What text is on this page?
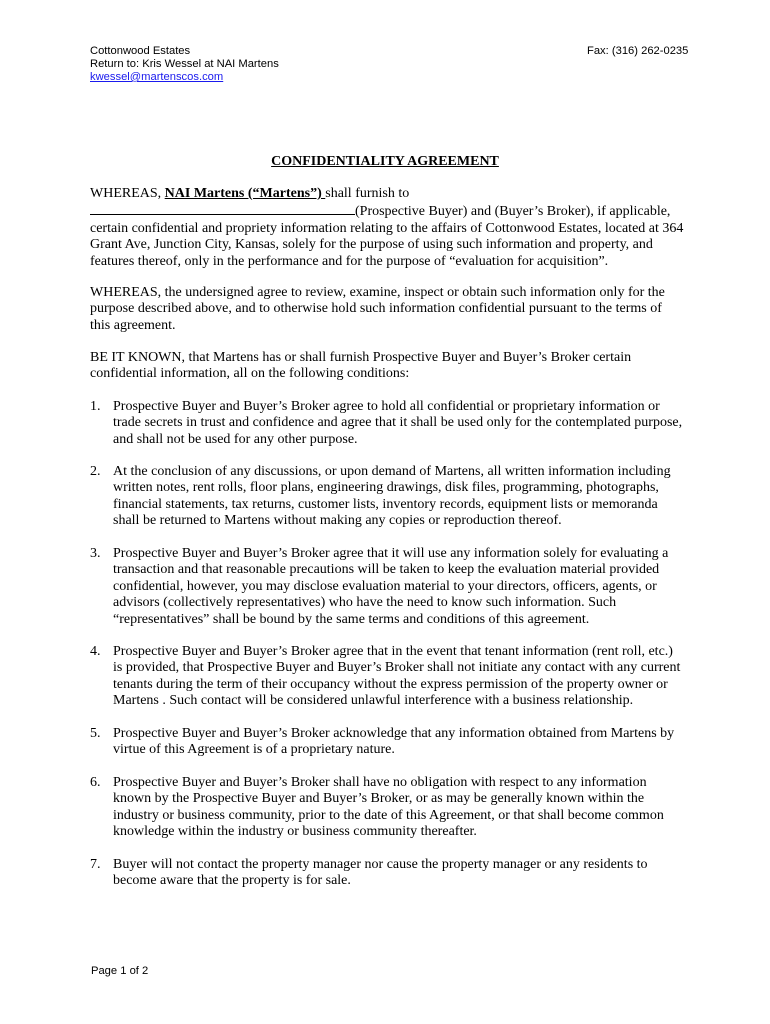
Cottonwood Estates
Return to: Kris Wessel at NAI Martens
kwessel@martenscos.com
Fax: (316) 262-0235
CONFIDENTIALITY AGREEMENT

WHEREAS, NAI Martens (“Martens”) shall furnish to
(Prospective Buyer) and (Buyer’s Broker), if applicable, certain confidential and propriety information relating to the affairs of Cottonwood Estates, located at 364 Grant Ave, Junction City, Kansas, solely for the purpose of using such information and property, and features thereof, only in the performance and for the purpose of “evaluation for acquisition”.

WHEREAS, the undersigned agree to review, examine, inspect or obtain such information only for the purpose described above, and to otherwise hold such information confidential pursuant to the terms of this agreement.

BE IT KNOWN, that Martens has or shall furnish Prospective Buyer and Buyer’s Broker certain confidential information, all on the following conditions:

1. Prospective Buyer and Buyer’s Broker agree to hold all confidential or proprietary information or trade secrets in trust and confidence and agree that it shall be used only for the contemplated purpose, and shall not be used for any other purpose.
2. At the conclusion of any discussions, or upon demand of Martens, all written information including written notes, rent rolls, floor plans, engineering drawings, disk files, programming, photographs, financial statements, tax returns, customer lists, inventory records, equipment lists or memoranda shall be returned to Martens without making any copies or reproduction thereof.
3. Prospective Buyer and Buyer’s Broker agree that it will use any information solely for evaluating a transaction and that reasonable precautions will be taken to keep the evaluation material provided confidential, however, you may disclose evaluation material to your directors, officers, agents, or advisors (collectively representatives) who have the need to know such information. Such “representatives” shall be bound by the same terms and conditions of this agreement.
4. Prospective Buyer and Buyer’s Broker agree that in the event that tenant information (rent roll, etc.) is provided, that Prospective Buyer and Buyer’s Broker shall not initiate any contact with any current tenants during the term of their occupancy without the express permission of the property owner or Martens . Such contact will be considered unlawful interference with a business relationship.
5. Prospective Buyer and Buyer’s Broker acknowledge that any information obtained from Martens by virtue of this Agreement is of a proprietary nature.
6. Prospective Buyer and Buyer’s Broker shall have no obligation with respect to any information known by the Prospective Buyer and Buyer’s Broker, or as may be generally known within the industry or business community, prior to the date of this Agreement, or that shall become common knowledge within the industry or business community thereafter.
7. Buyer will not contact the property manager nor cause the property manager or any residents to become aware that the property is for sale.
Page 1 of 2
